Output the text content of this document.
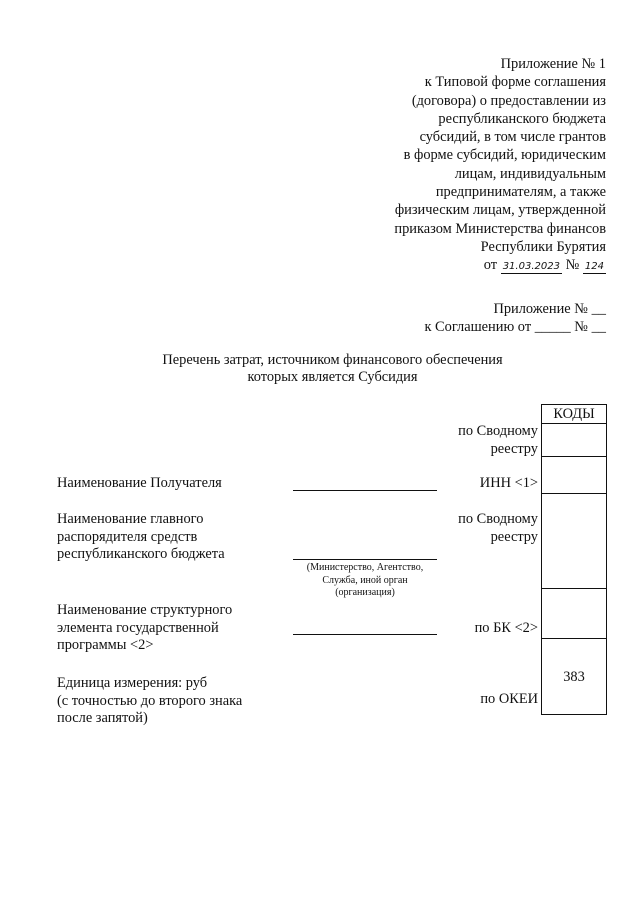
Приложение № 1
к Типовой форме соглашения
(договора) о предоставлении из
республиканского бюджета
субсидий, в том числе грантов
в форме субсидий, юридическим
лицам, индивидуальным
предпринимателям, а также
физическим лицам, утвержденной
приказом Министерства финансов
Республики Бурятия
от 31.03.2023 № 124
Приложение № __
к Соглашению от _____ № __
Перечень затрат, источником финансового обеспечения
которых является Субсидия
по Сводному
реестру
Наименование Получателя	ИНН <1>
Наименование главного
распорядителя средств
республиканского бюджета
(Министерство, Агентство,
Служба, иной орган
(организация)
по Сводному
реестру
Наименование структурного
элемента государственной
программы <2>
по БК <2>
Единица измерения: руб
(с точностью до второго знака
после запятой)
по ОКЕИ
КОДЫ
383
